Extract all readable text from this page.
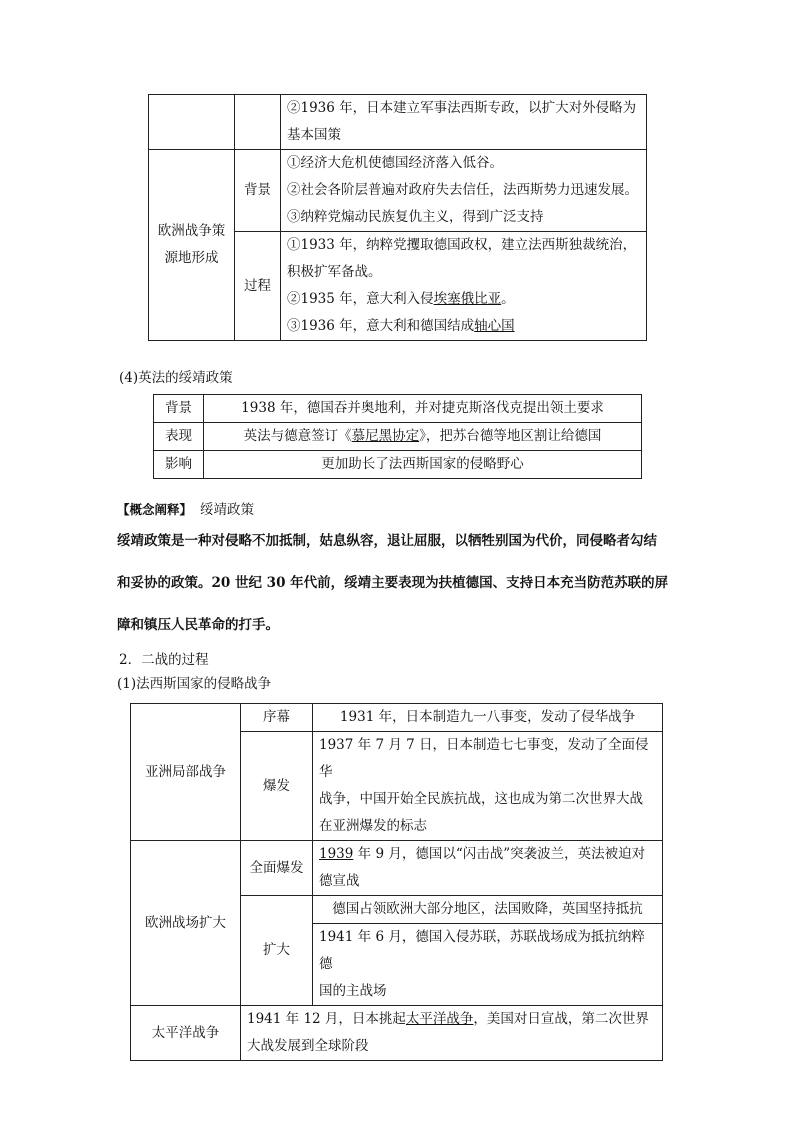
		②1936 年，日本建立军事法西斯专政，以扩大对外侵略为
基本国策

欧洲战争策
源地形成	背景	①经济大危机使德国经济落入低谷。
②社会各阶层普遍对政府失去信任，法西斯势力迅速发展。
③纳粹党煽动民族复仇主义，得到广泛支持

	过程	①1933 年，纳粹党攫取德国政权，建立法西斯独裁统治，
积极扩军备战。
②1935 年，意大利入侵埃塞俄比亚。
③1936 年，意大利和德国结成轴心国
(4)英法的绥靖政策
背景	1938 年，德国吞并奥地利，并对捷克斯洛伐克提出领土要求
表现	英法与德意签订《慕尼黑协定》，把苏台德等地区割让给德国
影响	更加助长了法西斯国家的侵略野心
【概念阐释】 绥靖政策
绥靖政策是一种对侵略不加抵制，姑息纵容，退让屈服，以牺牲别国为代价，同侵略者勾结
和妥协的政策。20 世纪 30 年代前，绥靖主要表现为扶植德国、支持日本充当防范苏联的屏
障和镇压人民革命的打手。
2．二战的过程
(1)法西斯国家的侵略战争
亚洲局部战争	序幕	1931 年，日本制造九一八事变，发动了侵华战争
	爆发	1937 年 7 月 7 日，日本制造七七事变，发动了全面侵华
战争，中国开始全民族抗战，这也成为第二次世界大战
在亚洲爆发的标志

欧洲战场扩大	全面爆发	1939 年 9 月，德国以“闪击战”突袭波兰，英法被迫对
德宣战

	扩大	德国占领欧洲大部分地区，法国败降，英国坚持抵抗

		1941 年 6 月，德国入侵苏联，苏联战场成为抵抗纳粹德
国的主战场

太平洋战争	1941 年 12 月，日本挑起太平洋战争，美国对日宣战，第二次世界
大战发展到全球阶段	
